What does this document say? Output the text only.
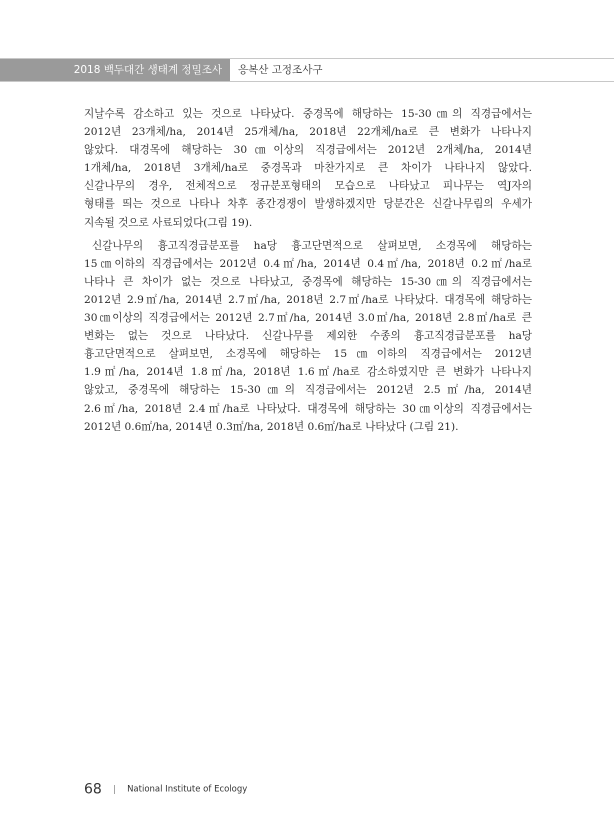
2018 백두대간 생태계 정밀조사	응복산 고정조사구

지날수록 감소하고 있는 것으로 나타났다. 중경목에 해당하는 15-30㎝의 직경급에서는
2012년 23개체/ha, 2014년 25개체/ha, 2018년 22개체/ha로 큰 변화가 나타나지
않았다. 대경목에 해당하는 30㎝이상의 직경급에서는 2012년 2개체/ha, 2014년
1개체/ha, 2018년 3개체/ha로 중경목과 마찬가지로 큰 차이가 나타나지 않았다.
신갈나무의 경우, 전체적으로 정규분포형태의 모습으로 나타났고 피나무는 역J자의
형태를 띄는 것으로 나타나 차후 종간경쟁이 발생하겠지만 당분간은 신갈나무림의 우세가
지속될 것으로 사료되었다(그림 19).

신갈나무의 흉고직경급분포를 ha당 흉고단면적으로 살펴보면, 소경목에 해당하는
15㎝이하의 직경급에서는 2012년 0.4㎡/ha, 2014년 0.4㎡/ha, 2018년 0.2㎡/ha로
나타나 큰 차이가 없는 것으로 나타났고, 중경목에 해당하는 15-30㎝의 직경급에서는
2012년 2.9㎡/ha, 2014년 2.7㎡/ha, 2018년 2.7㎡/ha로 나타났다. 대경목에 해당하는
30㎝이상의 직경급에서는 2012년 2.7㎡/ha, 2014년 3.0㎡/ha, 2018년 2.8㎡/ha로 큰
변화는 없는 것으로 나타났다. 신갈나무를 제외한 수종의 흉고직경급분포를 ha당
흉고단면적으로 살펴보면, 소경목에 해당하는 15㎝이하의 직경급에서는 2012년
1.9㎡/ha, 2014년 1.8㎡/ha, 2018년 1.6㎡/ha로 감소하였지만 큰 변화가 나타나지
않았고, 중경목에 해당하는 15-30㎝의 직경급에서는 2012년 2.5㎡/ha, 2014년
2.6㎡/ha, 2018년 2.4㎡/ha로 나타났다. 대경목에 해당하는 30㎝이상의 직경급에서는
2012년 0.6㎡/ha, 2014년 0.3㎡/ha, 2018년 0.6㎡/ha로 나타났다 (그림 21).

68 | National Institute of Ecology
